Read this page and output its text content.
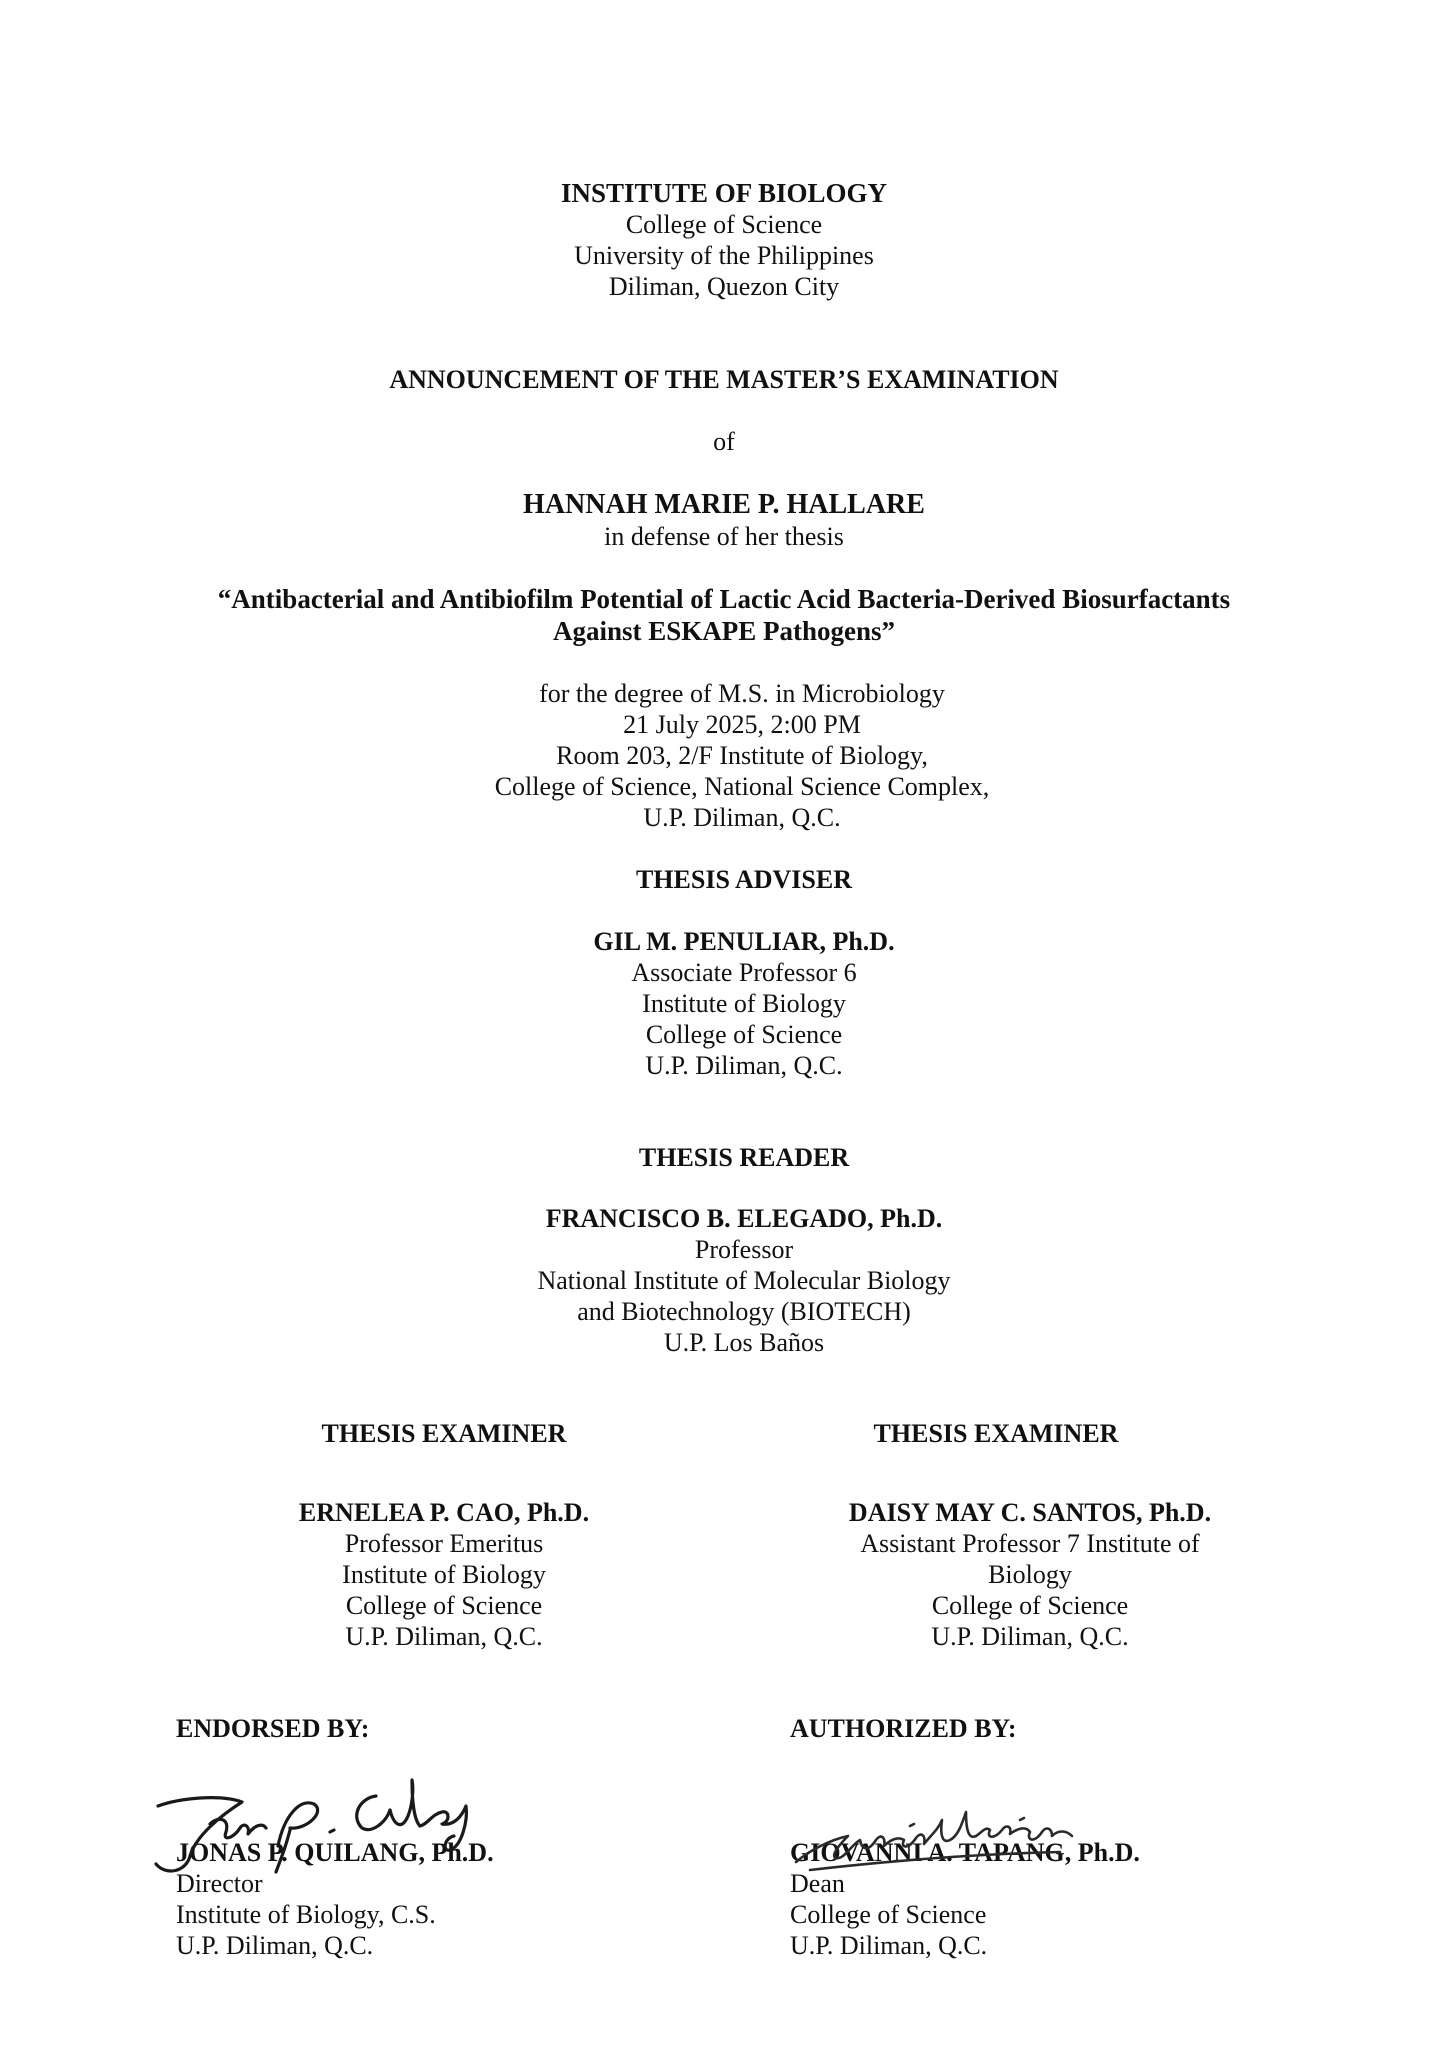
INSTITUTE OF BIOLOGY
College of Science
University of the Philippines
Diliman, Quezon City
ANNOUNCEMENT OF THE MASTER’S EXAMINATION
of
HANNAH MARIE P. HALLARE
in defense of her thesis
“Antibacterial and Antibiofilm Potential of Lactic Acid Bacteria-Derived Biosurfactants
Against ESKAPE Pathogens”
for the degree of M.S. in Microbiology
21 July 2025, 2:00 PM
Room 203, 2/F Institute of Biology,
College of Science, National Science Complex,
U.P. Diliman, Q.C.
THESIS ADVISER
GIL M. PENULIAR, Ph.D.
Associate Professor 6
Institute of Biology
College of Science
U.P. Diliman, Q.C.
THESIS READER
FRANCISCO B. ELEGADO, Ph.D.
Professor
National Institute of Molecular Biology
and Biotechnology (BIOTECH)
U.P. Los Baños
THESIS EXAMINER
ERNELEA P. CAO, Ph.D.
Professor Emeritus
Institute of Biology
College of Science
U.P. Diliman, Q.C.
THESIS EXAMINER
DAISY MAY C. SANTOS, Ph.D.
Assistant Professor 7 Institute of
Biology
College of Science
U.P. Diliman, Q.C.
ENDORSED BY:
JONAS P. QUILANG, Ph.D.
Director
Institute of Biology, C.S.
U.P. Diliman, Q.C.
AUTHORIZED BY:
GIOVANNI A. TAPANG, Ph.D.
Dean
College of Science
U.P. Diliman, Q.C.
